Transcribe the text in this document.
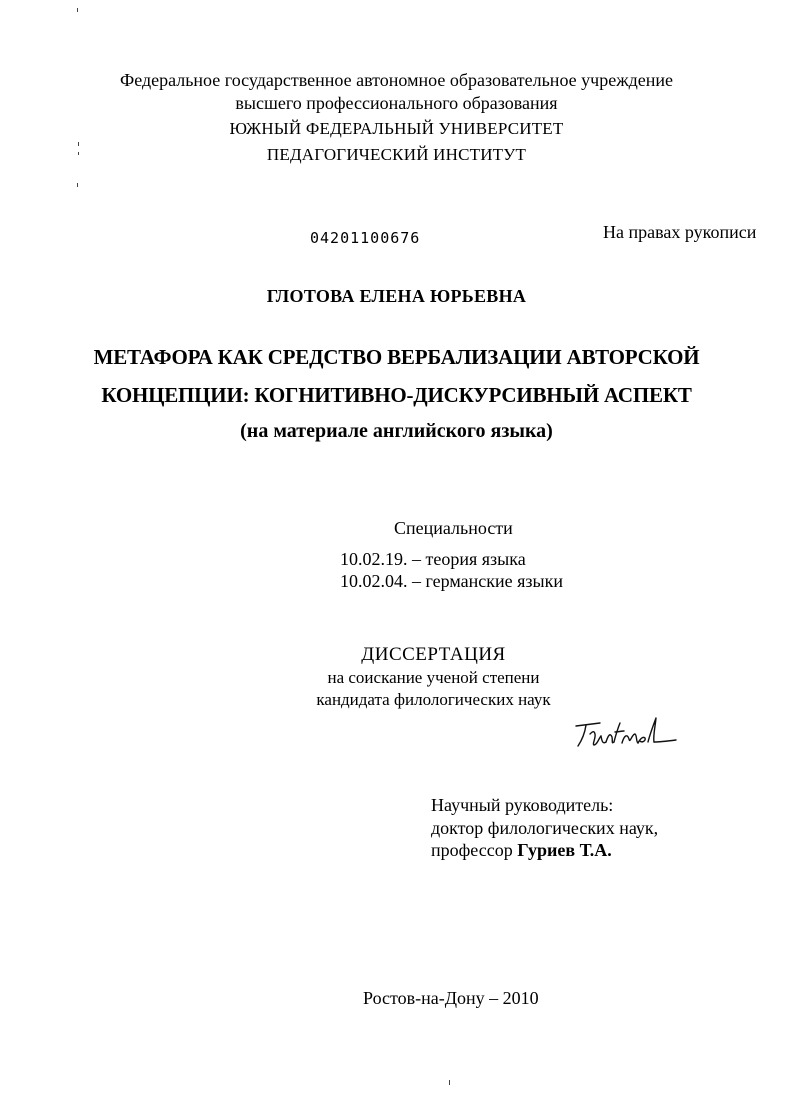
Федеральное государственное автономное образовательное учреждение
высшего профессионального образования
ЮЖНЫЙ ФЕДЕРАЛЬНЫЙ УНИВЕРСИТЕТ
ПЕДАГОГИЧЕСКИЙ ИНСТИТУТ
04201100676	На правах рукописи
ГЛОТОВА ЕЛЕНА ЮРЬЕВНА
МЕТАФОРА КАК СРЕДСТВО ВЕРБАЛИЗАЦИИ АВТОРСКОЙ
КОНЦЕПЦИИ: КОГНИТИВНО-ДИСКУРСИВНЫЙ АСПЕКТ
(на материале английского языка)
Специальности
10.02.19. – теория языка
10.02.04. – германские языки
ДИССЕРТАЦИЯ
на соискание ученой степени
кандидата филологических наук
Научный руководитель:
доктор филологических наук,
профессор Гуриев Т.А.
Ростов-на-Дону – 2010
